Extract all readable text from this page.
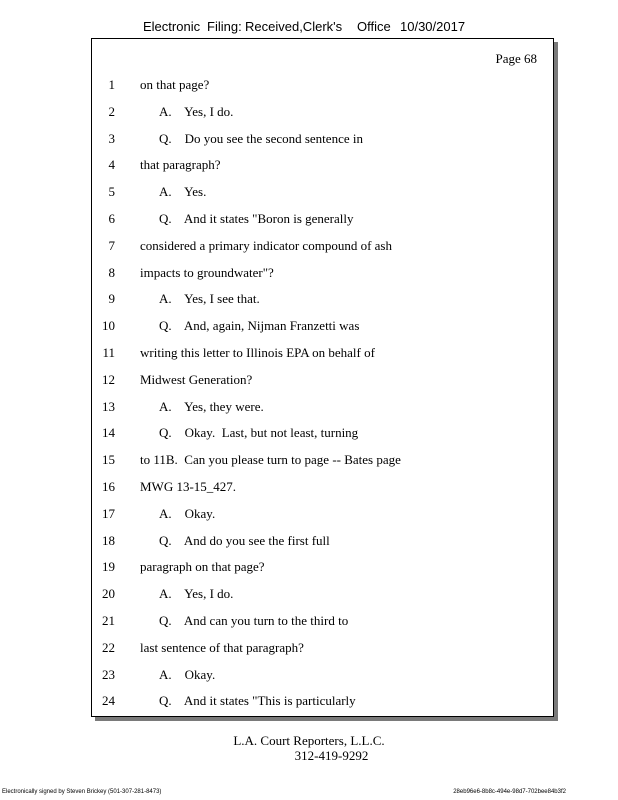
Electronic Filing: Received,Clerk's Office 10/30/2017
Page 68
1 on that page?
2	A.    Yes, I do.
3	Q.    Do you see the second sentence in
4 that paragraph?
5	A.    Yes.
6	Q.    And it states "Boron is generally
7 considered a primary indicator compound of ash
8 impacts to groundwater"?
9	A.    Yes, I see that.
10	Q.    And, again, Nijman Franzetti was
11 writing this letter to Illinois EPA on behalf of
12 Midwest Generation?
13	A.    Yes, they were.
14	Q.    Okay.  Last, but not least, turning
15 to 11B.  Can you please turn to page -- Bates page
16 MWG 13-15_427.
17	A.    Okay.
18	Q.    And do you see the first full
19 paragraph on that page?
20	A.    Yes, I do.
21	Q.    And can you turn to the third to
22 last sentence of that paragraph?
23	A.    Okay.
24	Q.    And it states "This is particularly
L.A. Court Reporters, L.L.C.
312-419-9292
Electronically signed by Steven Brickey (501-307-281-8473)	28eb96e6-8b8c-494e-98d7-702bee84b3f2
